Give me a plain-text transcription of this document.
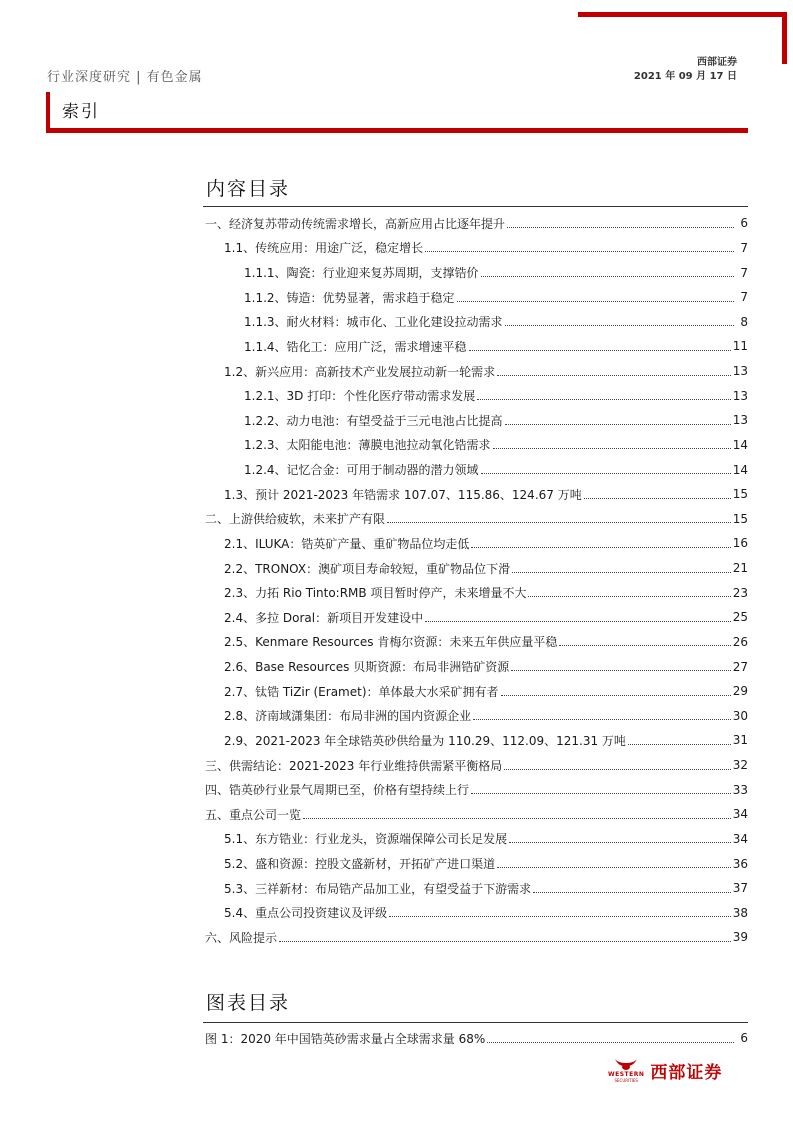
西部证券
2021 年 09 月 17 日
行业深度研究 | 有色金属
索引
内容目录
一、经济复苏带动传统需求增长，高新应用占比逐年提升	6
1.1、传统应用：用途广泛，稳定增长	7
1.1.1、陶瓷：行业迎来复苏周期，支撑锆价	7
1.1.2、铸造：优势显著，需求趋于稳定	7
1.1.3、耐火材料：城市化、工业化建设拉动需求	8
1.1.4、锆化工：应用广泛，需求增速平稳	11
1.2、新兴应用：高新技术产业发展拉动新一轮需求	13
1.2.1、3D 打印：个性化医疗带动需求发展	13
1.2.2、动力电池：有望受益于三元电池占比提高	13
1.2.3、太阳能电池：薄膜电池拉动氧化锆需求	14
1.2.4、记忆合金：可用于制动器的潜力领域	14
1.3、预计 2021-2023 年锆需求 107.07、115.86、124.67 万吨	15
二、上游供给疲软，未来扩产有限	15
2.1、ILUKA：锆英矿产量、重矿物品位均走低	16
2.2、TRONOX：澳矿项目寿命较短，重矿物品位下滑	21
2.3、力拓 Rio Tinto:RMB 项目暂时停产，未来增量不大	23
2.4、多拉 Doral：新项目开发建设中	25
2.5、Kenmare Resources 肯梅尔资源：未来五年供应量平稳	26
2.6、Base Resources 贝斯资源：布局非洲锆矿资源	27
2.7、钛锆 TiZir (Eramet)：单体最大水采矿拥有者	29
2.8、济南域潇集团：布局非洲的国内资源企业	30
2.9、2021-2023 年全球锆英砂供给量为 110.29、112.09、121.31 万吨	31
三、供需结论：2021-2023 年行业维持供需紧平衡格局	32
四、锆英砂行业景气周期已至，价格有望持续上行	33
五、重点公司一览	34
5.1、东方锆业：行业龙头，资源端保障公司长足发展	34
5.2、盛和资源：控股文盛新材，开拓矿产进口渠道	36
5.3、三祥新材：布局锆产品加工业，有望受益于下游需求	37
5.4、重点公司投资建议及评级	38
六、风险提示	39
图表目录
图 1：2020 年中国锆英砂需求量占全球需求量 68%	6
WESTERN
SECURITIES 西部证券
